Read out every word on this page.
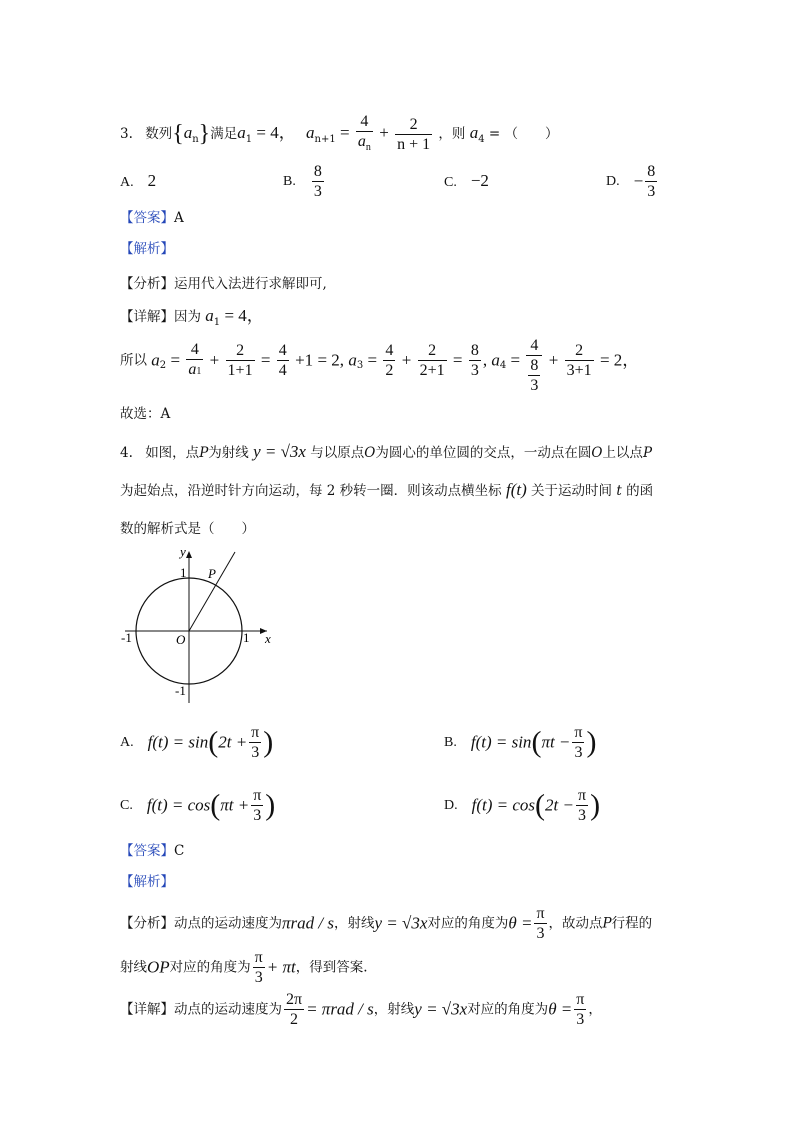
3. 数列$\{a_n\}$满足$a_1 = 4$， $a_{n+1} = \frac{4}{a_n} + \frac{2}{n + 1}$ ，则 $a_4$ = （　　）
A. 2	B. $\frac{8}{3}$	C. −2	D. − $\frac{8}{3}$
【答案】A
【解析】
【分析】运用代入法进行求解即可,
【详解】因为 $a_1 = 4$，
所以 $a_2 = \frac{4}{a1} + \frac{2}{1+1} = \frac{4}{4} +1 = 2$, $a_3 = \frac{4}{2} + \frac{2}{2+1} = \frac{8}{3}$ , $a_4 = \frac{4}{\frac{8}{3}} + \frac{2}{3+1} = 2$，
故选：A
4. 如图，点P为射线 y = √3x 与以原点O为圆心的单位圆的交点，一动点在圆O上以点P
为起始点，沿逆时针方向运动，每 2 秒转一圈．则该动点横坐标 f(t) 关于运动时间 t 的函
数的解析式是（　　）
y
x
1 P
-1	O	1
-1
A. $f(t) = \sin(2t + \frac{\pi}{3}$ )	B. $f(t) = \sin(\pi t - \frac{\pi}{3}$ )
C. $f(t) = \cos(\pi t + \frac{\pi}{3}$ )	D. $f(t) = \cos(2t - \frac{\pi}{3}$ )
【答案】C
【解析】
【分析】动点的运动速度为πrad / s，射线y = √3x对应的角度为$\theta = \frac{\pi}{3}$ ，故动点P行程的
射线OP对应的角度为 $\frac{\pi}{3} + \pi t$，得到答案.
【详解】动点的运动速度为 $\frac{2\pi}{2} = \pi rad / s$，射线y = √3x对应的角度为$\theta = \frac{\pi}{3}$ ，
